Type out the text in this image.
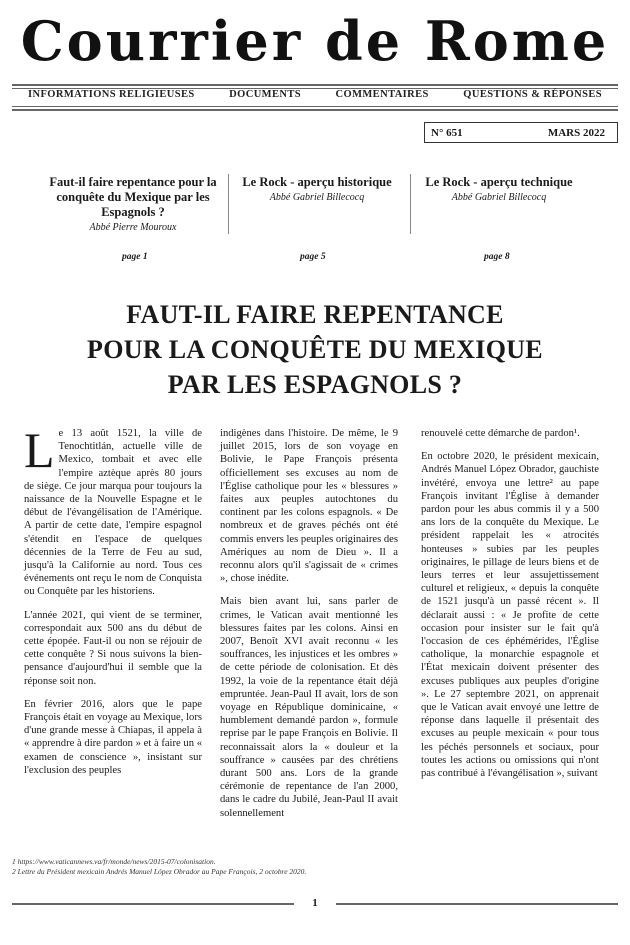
Courrier de Rome
INFORMATIONS RELIGIEUSES	DOCUMENTS	COMMENTAIRES	QUESTIONS & RÉPONSES
N° 651	MARS 2022
Faut-il faire repentance pour la conquête du Mexique par les Espagnols ?
Abbé Pierre Mouroux
Le Rock - aperçu historique
Abbé Gabriel Billecocq
Le Rock - aperçu technique
Abbé Gabriel Billecocq
page 1	page 5	page 8
FAUT-IL FAIRE REPENTANCE
POUR LA CONQUÊTE DU MEXIQUE
PAR LES ESPAGNOLS ?

Le 13 août 1521, la ville de Tenochtitlán, actuelle ville de Mexico, tombait et avec elle l'empire aztèque après 80 jours de siège. Ce jour marqua pour toujours la naissance de la Nouvelle Espagne et le début de l'évangélisation de l'Amérique. A partir de cette date, l'empire espagnol s'étendit en l'espace de quelques décennies de la Terre de Feu au sud, jusqu'à la Californie au nord. Tous ces événements ont reçu le nom de Conquista ou Conquête par les historiens.

L'année 2021, qui vient de se terminer, correspondait aux 500 ans du début de cette épopée. Faut-il ou non se réjouir de cette conquête ? Si nous suivons la bien-pensance d'aujourd'hui il semble que la réponse soit non.

En février 2016, alors que le pape François était en voyage au Mexique, lors d'une grande messe à Chiapas, il appela à « apprendre à dire pardon » et à faire un « examen de conscience », insistant sur l'exclusion des peuples

indigènes dans l'histoire. De même, le 9 juillet 2015, lors de son voyage en Bolivie, le Pape François présenta officiellement ses excuses au nom de l'Église catholique pour les « blessures » faites aux peuples autochtones du continent par les colons espagnols. « De nombreux et de graves péchés ont été commis envers les peuples originaires des Amériques au nom de Dieu ». Il a reconnu alors qu'il s'agissait de « crimes », chose inédite.

Mais bien avant lui, sans parler de crimes, le Vatican avait mentionné les blessures faites par les colons. Ainsi en 2007, Benoît XVI avait reconnu « les souffrances, les injustices et les ombres » de cette période de colonisation. Et dès 1992, la voie de la repentance était déjà empruntée. Jean-Paul II avait, lors de son voyage en République dominicaine, « humblement demandé pardon », formule reprise par le pape François en Bolivie. Il reconnaissait alors la « douleur et la souffrance » causées par des chrétiens durant 500 ans. Lors de la grande cérémonie de repentance de l'an 2000, dans le cadre du Jubilé, Jean-Paul II avait solennellement

renouvelé cette démarche de pardon¹.

En octobre 2020, le président mexicain, Andrés Manuel López Obrador, gauchiste invétéré, envoya une lettre² au pape François invitant l'Église à demander pardon pour les abus commis il y a 500 ans lors de la conquête du Mexique. Le président rappelait les « atrocités honteuses » subies par les peuples originaires, le pillage de leurs biens et de leurs terres et leur assujettissement culturel et religieux, « depuis la conquête de 1521 jusqu'à un passé récent ». Il déclarait aussi : « Je profite de cette occasion pour insister sur le fait qu'à l'occasion de ces éphémérides, l'Église catholique, la monarchie espagnole et l'État mexicain doivent présenter des excuses publiques aux peuples d'origine ». Le 27 septembre 2021, on apprenait que le Vatican avait envoyé une lettre de réponse dans laquelle il présentait des excuses au peuple mexicain « pour tous les péchés personnels et sociaux, pour toutes les actions ou omissions qui n'ont pas contribué à l'évangélisation », suivant

1 https://www.vaticannews.va/fr/monde/news/2015-07/colonisation.
2 Lettre du Président mexicain Andrés Manuel López Obrador au Pape François, 2 octobre 2020.
1
